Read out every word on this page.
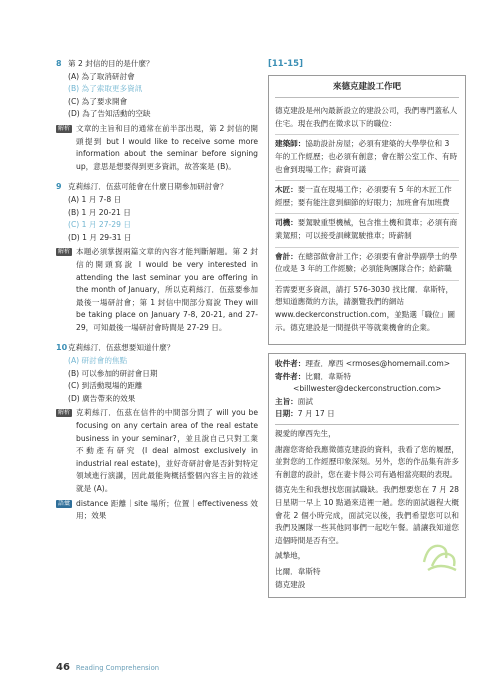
8 第 2 封信的目的是什麼？
(A) 為了取消研討會
(B) 為了索取更多資訊
(C) 為了要求開會
(D) 為了告知活動的空缺
解析 文章的主旨和目的通常在前半部出現，第 2 封信的開頭提到 but I would like to receive some more information about the seminar before signing up，意思是想要得到更多資訊，故答案是 (B)。
9 克莉絲汀．伍茲可能會在什麼日期參加研討會？
(A) 1 月 7-8 日
(B) 1 月 20-21 日
(C) 1 月 27-29 日
(D) 1 月 29-31 日
解析 本題必須掌握兩篇文章的內容才能判斷解題。第 2 封信的開頭寫說 I would be very interested in attending the last seminar you are offering in the month of January，所以克莉絲汀．伍茲要參加最後一場研討會；第 1 封信中間部分寫說 They will be taking place on January 7-8, 20-21, and 27-29，可知最後一場研討會時間是 27-29 日。
10 克莉絲汀．伍茲想要知道什麼？
(A) 研討會的焦點
(B) 可以參加的研討會日期
(C) 到活動現場的距離
(D) 廣告帶來的效果
解析 克莉絲汀．伍茲在信件的中間部分問了 will you be focusing on any certain area of the real estate business in your seminar?，並且說自己只對工業不動產有研究 (I deal almost exclusively in industrial real estate)，並好奇研討會是否針對特定領域進行演講，因此最能夠概括整個內容主旨的敘述就是 (A)。
語彙 distance 距離｜site 場所；位置｜effectiveness 效用；效果
[11-15]
來德克建設工作吧
德克建設是州內最新設立的建設公司，我們專門蓋私人住宅。現在我們在徵求以下的職位：
建築師：協助設計房屋；必須有建築的大學學位和 3 年的工作經歷；也必須有創意；會在辦公室工作、有時也會到現場工作；薪資可議
木匠：要一直在現場工作；必須要有 5 年的木匠工作經歷；要有能注意到細節的好眼力；加班會有加班費
司機：要駕駛重型機械，包含推土機和貨車；必須有商業駕照；可以接受訓練駕駛推車；時薪制
會計：在總部做會計工作；必須要有會計學副學士的學位或是 3 年的工作經驗；必須能夠團隊合作；給薪職
若需要更多資訊，請打 576-3030 找比爾．韋斯特，想知道應徵的方法，請瀏覽我們的網站 www.deckerconstruction.com，並點選「職位」圖示。德克建設是一間提供平等就業機會的企業。
收件者：理查．摩西 <rmoses@homemail.com>
寄件者：比爾．韋斯特
<billwester@deckerconstruction.com>
主旨：面試
日期：7 月 17 日

親愛的摩西先生，

謝謝您寄給我應徵德克建設的資料，我看了您的履歷，並對您的工作經歷印象深刻。另外，您的作品集有許多有創意的設計，您在妻卡得公司有過相當亮眼的表現。

德克先生和我想找您面試職缺。我們想要您在 7 月 28 日星期一早上 10 點過來這裡一趟。您的面試過程大概會花 2 個小時完成，面試完以後，我們希望您可以和我們及團隊一些其他同事們一起吃午餐。請讓我知道您這個時間是否有空。

誠摯地，

比爾．韋斯特
德克建設
46 Reading Comprehension
